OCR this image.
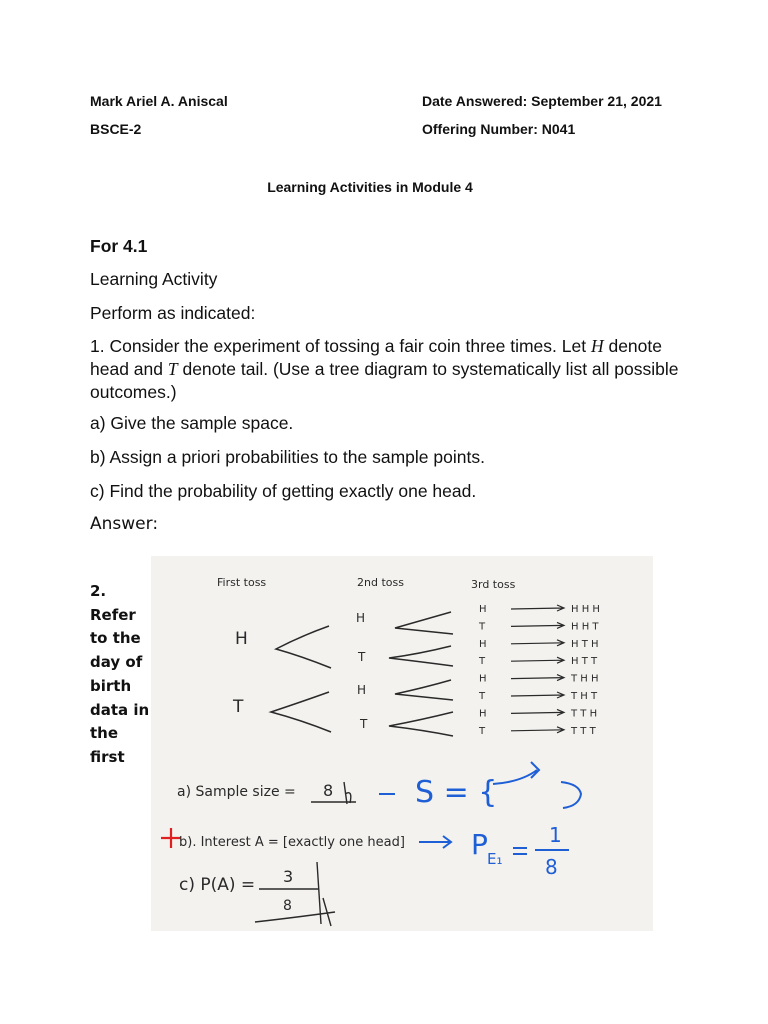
Mark Ariel A. Aniscal
BSCE-2
Date Answered: September 21, 2021
Offering Number: N041
Learning Activities in Module 4
For 4.1
Learning Activity
Perform as indicated:
1. Consider the experiment of tossing a fair coin three times. Let H denote head and T denote tail. (Use a tree diagram to systematically list all possible outcomes.)
a) Give the sample space.
b) Assign a priori probabilities to the sample points.
c) Find the probability of getting exactly one head.
Answer:
2.
Refer
to the
day of
birth
data in
the
first
First toss	2nd toss	3rd toss
H
T
H
T
H
T
H	H H H
T	H H T
H	H T H
T	H T T
H	T H H
T	T H T
H	T T H
T	T T T
a) Sample size = 8	S = {
b). Interest A = [exactly one head] P E₁
1
8
c) P(A) = 3
8
